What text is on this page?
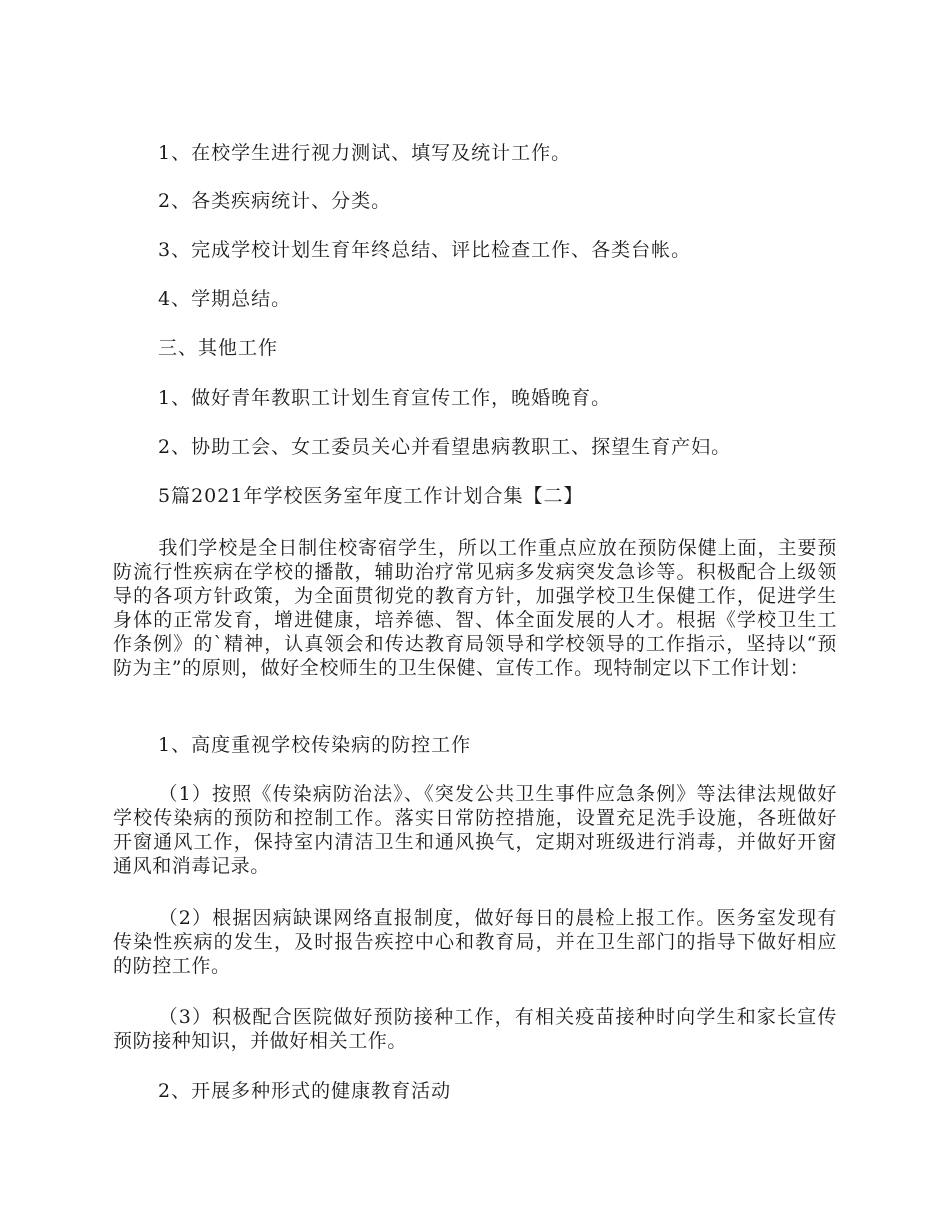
1、在校学生进行视力测试、填写及统计工作。
2、各类疾病统计、分类。
3、完成学校计划生育年终总结、评比检查工作、各类台帐。
4、学期总结。
三、其他工作
1、做好青年教职工计划生育宣传工作，晚婚晚育。
2、协助工会、女工委员关心并看望患病教职工、探望生育产妇。
5篇2021年学校医务室年度工作计划合集【二】
我们学校是全日制住校寄宿学生，所以工作重点应放在预防保健上面，主要预防流行性疾病在学校的播散，辅助治疗常见病多发病突发急诊等。积极配合上级领导的各项方针政策，为全面贯彻党的教育方针，加强学校卫生保健工作，促进学生身体的正常发育，增进健康，培养德、智、体全面发展的人才。根据《学校卫生工作条例》的`精神，认真领会和传达教育局领导和学校领导的工作指示，坚持以“预防为主”的原则，做好全校师生的卫生保健、宣传工作。现特制定以下工作计划：
1、高度重视学校传染病的防控工作
（1）按照《传染病防治法》、《突发公共卫生事件应急条例》等法律法规做好学校传染病的预防和控制工作。落实日常防控措施，设置充足洗手设施，各班做好开窗通风工作，保持室内清洁卫生和通风换气，定期对班级进行消毒，并做好开窗通风和消毒记录。
（2）根据因病缺课网络直报制度，做好每日的晨检上报工作。医务室发现有传染性疾病的发生，及时报告疾控中心和教育局，并在卫生部门的指导下做好相应的防控工作。
（3）积极配合医院做好预防接种工作，有相关疫苗接种时向学生和家长宣传预防接种知识，并做好相关工作。
2、开展多种形式的健康教育活动
